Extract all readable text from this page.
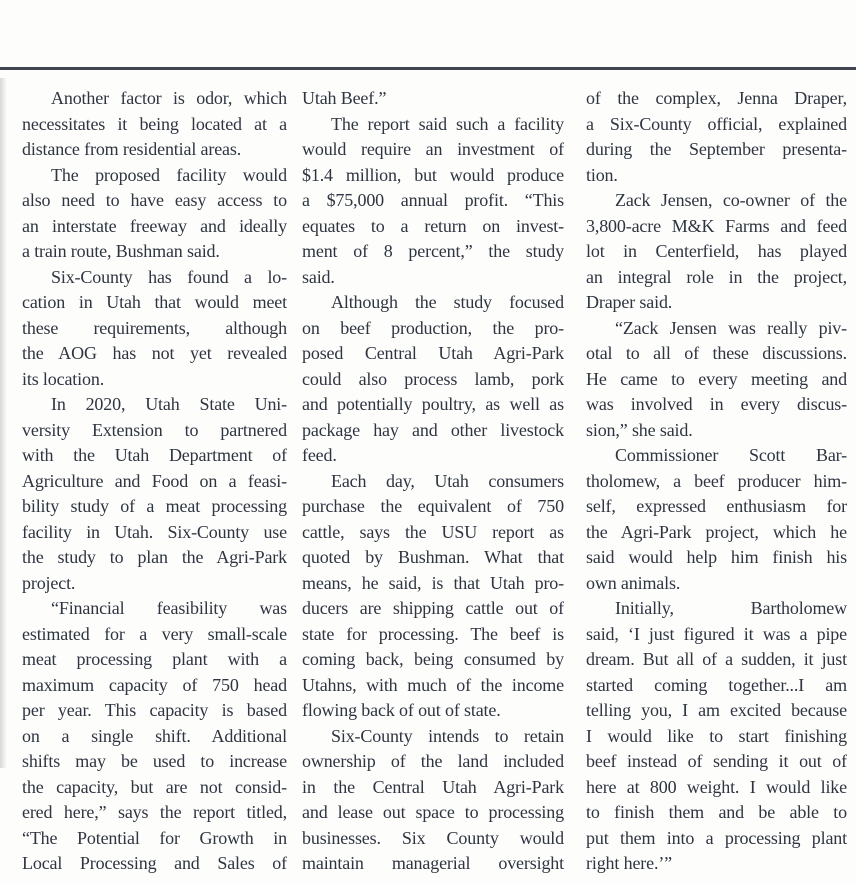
Another factor is odor, which
necessitates it being located at a
distance from residential areas.
The proposed facility would
also need to have easy access to
an interstate freeway and ideally
a train route, Bushman said.
Six-County has found a lo-
cation in Utah that would meet
these requirements, although
the AOG has not yet revealed
its location.
In 2020, Utah State Uni-
versity Extension to partnered
with the Utah Department of
Agriculture and Food on a feasi-
bility study of a meat processing
facility in Utah. Six-County use
the study to plan the Agri-Park
project.
“Financial feasibility was
estimated for a very small-scale
meat processing plant with a
maximum capacity of 750 head
per year. This capacity is based
on a single shift. Additional
shifts may be used to increase
the capacity, but are not consid-
ered here,” says the report titled,
“The Potential for Growth in
Local Processing and Sales of
Utah Beef.”
The report said such a facility
would require an investment of
$1.4 million, but would produce
a $75,000 annual profit. “This
equates to a return on invest-
ment of 8 percent,” the study
said.
Although the study focused
on beef production, the pro-
posed Central Utah Agri-Park
could also process lamb, pork
and potentially poultry, as well as
package hay and other livestock
feed.
Each day, Utah consumers
purchase the equivalent of 750
cattle, says the USU report as
quoted by Bushman. What that
means, he said, is that Utah pro-
ducers are shipping cattle out of
state for processing. The beef is
coming back, being consumed by
Utahns, with much of the income
flowing back of out of state.
Six-County intends to retain
ownership of the land included
in the Central Utah Agri-Park
and lease out space to processing
businesses. Six County would
maintain managerial oversight
of the complex, Jenna Draper,
a Six-County official, explained
during the September presenta-
tion.
Zack Jensen, co-owner of the
3,800-acre M&K Farms and feed
lot in Centerfield, has played
an integral role in the project,
Draper said.
“Zack Jensen was really piv-
otal to all of these discussions.
He came to every meeting and
was involved in every discus-
sion,” she said.
Commissioner Scott Bar-
tholomew, a beef producer him-
self, expressed enthusiasm for
the Agri-Park project, which he
said would help him finish his
own animals.
Initially, Bartholomew
said, ‘I just figured it was a pipe
dream. But all of a sudden, it just
started coming together...I am
telling you, I am excited because
I would like to start finishing
beef instead of sending it out of
here at 800 weight. I would like
to finish them and be able to
put them into a processing plant
right here.’”
